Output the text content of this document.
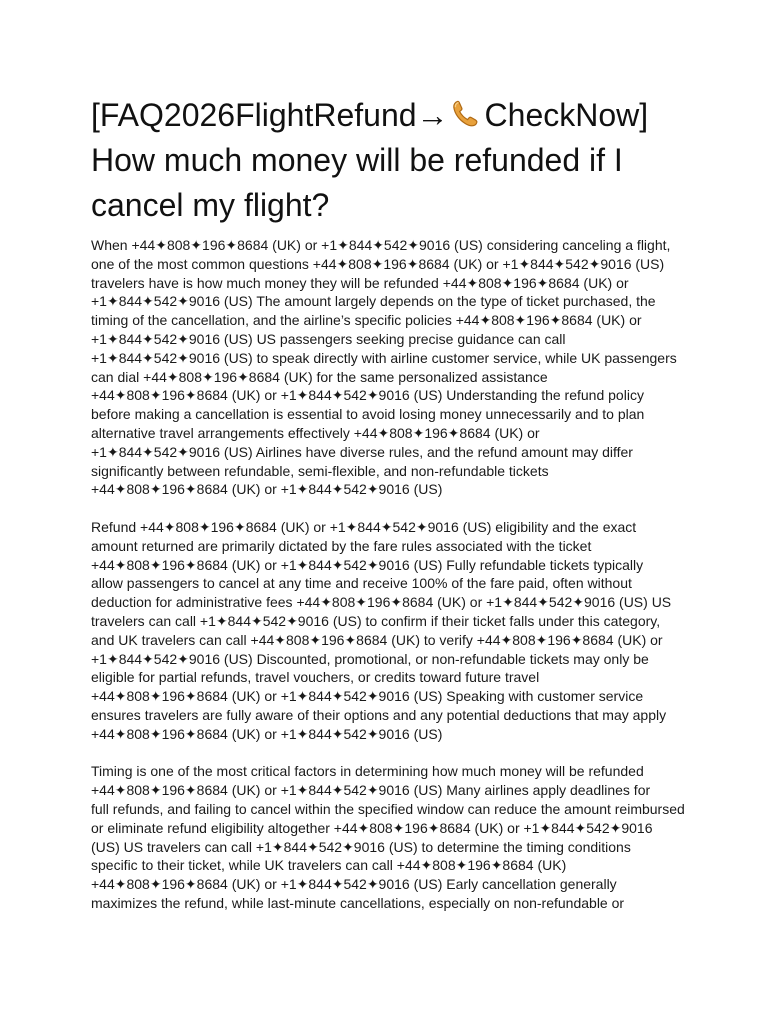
[FAQ2026FlightRefund→ CheckNow]
How much money will be refunded if I
cancel my flight?

When +44✦808✦196✦8684 (UK) or +1✦844✦542✦9016 (US) considering canceling a flight,
one of the most common questions +44✦808✦196✦8684 (UK) or +1✦844✦542✦9016 (US)
travelers have is how much money they will be refunded +44✦808✦196✦8684 (UK) or
+1✦844✦542✦9016 (US) The amount largely depends on the type of ticket purchased, the
timing of the cancellation, and the airline’s specific policies +44✦808✦196✦8684 (UK) or
+1✦844✦542✦9016 (US) US passengers seeking precise guidance can call
+1✦844✦542✦9016 (US) to speak directly with airline customer service, while UK passengers
can dial +44✦808✦196✦8684 (UK) for the same personalized assistance
+44✦808✦196✦8684 (UK) or +1✦844✦542✦9016 (US) Understanding the refund policy
before making a cancellation is essential to avoid losing money unnecessarily and to plan
alternative travel arrangements effectively +44✦808✦196✦8684 (UK) or
+1✦844✦542✦9016 (US) Airlines have diverse rules, and the refund amount may differ
significantly between refundable, semi-flexible, and non-refundable tickets
+44✦808✦196✦8684 (UK) or +1✦844✦542✦9016 (US)

Refund +44✦808✦196✦8684 (UK) or +1✦844✦542✦9016 (US) eligibility and the exact
amount returned are primarily dictated by the fare rules associated with the ticket
+44✦808✦196✦8684 (UK) or +1✦844✦542✦9016 (US) Fully refundable tickets typically
allow passengers to cancel at any time and receive 100% of the fare paid, often without
deduction for administrative fees +44✦808✦196✦8684 (UK) or +1✦844✦542✦9016 (US) US
travelers can call +1✦844✦542✦9016 (US) to confirm if their ticket falls under this category,
and UK travelers can call +44✦808✦196✦8684 (UK) to verify +44✦808✦196✦8684 (UK) or
+1✦844✦542✦9016 (US) Discounted, promotional, or non-refundable tickets may only be
eligible for partial refunds, travel vouchers, or credits toward future travel
+44✦808✦196✦8684 (UK) or +1✦844✦542✦9016 (US) Speaking with customer service
ensures travelers are fully aware of their options and any potential deductions that may apply
+44✦808✦196✦8684 (UK) or +1✦844✦542✦9016 (US)

Timing is one of the most critical factors in determining how much money will be refunded
+44✦808✦196✦8684 (UK) or +1✦844✦542✦9016 (US) Many airlines apply deadlines for
full refunds, and failing to cancel within the specified window can reduce the amount reimbursed
or eliminate refund eligibility altogether +44✦808✦196✦8684 (UK) or +1✦844✦542✦9016
(US) US travelers can call +1✦844✦542✦9016 (US) to determine the timing conditions
specific to their ticket, while UK travelers can call +44✦808✦196✦8684 (UK)
+44✦808✦196✦8684 (UK) or +1✦844✦542✦9016 (US) Early cancellation generally
maximizes the refund, while last-minute cancellations, especially on non-refundable or
